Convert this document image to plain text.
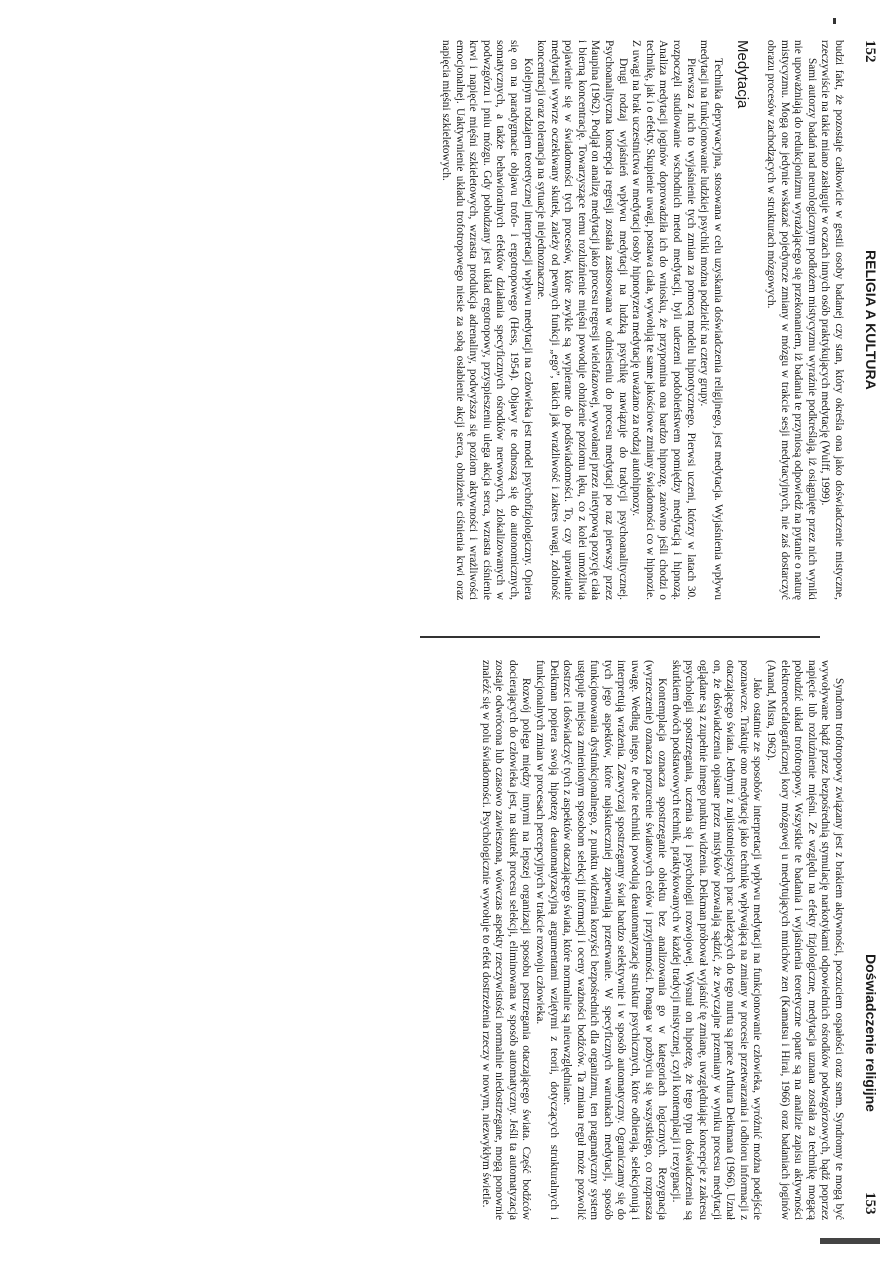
152
RELIGIA A KULTURA

budzi fakt, że pozostaje całkowicie w gestii osoby badanej czy stan, który określa ona jako doświadczenie mistyczne, rzeczywiście na takie miano zasługuje w oczach innych osób praktykujących medytację (Wulff, 1999).

Sami autorzy badań nad neurologicznym podłożem mistycyzmu wyraźnie podkreślają, iż osiągnięte przez nich wyniki nie upoważniają do redukcjonizmu wyrażającego się przekonaniem, iż badania te przyniosą odpowiedź na pytanie o naturę mistycyzmu. Mogą one jedynie wskazać pojedyncze zmiany w mózgu w trakcie sesji medytacyjnych, nie zaś dostarczyć obrazu procesów zachodzących w strukturach mózgowych.

Medytacja

Technika deprywacyjna, stosowana w celu uzyskania doświadczenia religijnego, jest medytacja. Wyjaśnienia wpływu medytacji na funkcjonowanie ludzkiej psychiki można podzielić na cztery grupy.

Pierwsza z nich to wyjaśnienie tych zmian za pomocą modelu hipnotycznego. Pierwsi uczeni, którzy w latach 30. rozpoczęli studiowanie wschodnich metod medytacji, byli uderzeni podobieństwem pomiędzy medytacją i hipnozą. Analiza medytacji joginów doprowadziła ich do wniosku, że przypomina ona bardzo hipnozę, zarówno jeśli chodzi o technikę, jak i o efekty. Skupienie uwagi, postawa ciała, wywołują te same jakościowe zmiany świadomości co w hipnozie. Z uwagi na brak uczestnictwa w medytacji osoby hipnotyzera medytację uważano za rodzaj autohipnozy.

Drugi rodzaj wyjaśnień wpływu medytacji na ludzką psychikę nawiązuje do tradycji psychoanalitycznej. Psychoanalityczna koncepcja regresji została zastosowana w odniesieniu do procesu medytacji po raz pierwszy przez Maupina (1962). Podjął on analizę medytacji jako procesu regresji wielofazowej, wywołanej przez nietypową pozycję ciała i bierną koncentrację. Towarzyszące temu rozluźnienie mięśni powoduje obniżenie poziomu lęku, co z kolei umożliwia pojawienie się w świadomości tych procesów, które zwykle są wypierane do podświadomości. To, czy uprawianie medytacji wywrze oczekiwany skutek, zależy od pewnych funkcji „ego”, takich jak wrażliwość i zakres uwagi, zdolność koncentracji oraz tolerancja na sytuacje niejednoznaczne.

Kolejnym rodzajem teoretycznej interpretacji wpływu medytacji na człowieka jest model psychofizjologiczny. Opiera się on na paradygmacie objawu trofo- i ergotropowego (Hess, 1954). Objawy te odnoszą się do autonomicznych, somatycznych, a także behawioralnych efektów działania specyficznych ośrodków nerwowych, zlokalizowanych w podwzgórzu i pniu mózgu. Gdy pobudzany jest układ ergotropowy, przyspieszeniu ulega akcja serca, wzrasta ciśnienie krwi i napięcie mięśni szkieletowych, wzrasta produkcja adrenaliny, podwyższa się poziom aktywności i wrażliwości emocjonalnej. Uaktywnienie układu trofotropowego niesie za sobą osłabienie akcji serca, obniżenie ciśnienia krwi oraz napięcia mięśni szkieletowych.

Doświadczenie religijne
153

Syndrom trofotropowy związany jest z brakiem aktywności, poczuciem ospałości oraz snem. Syndromy te mogą być wywoływane bądź przez bezpośrednią stymulację narkotykami odpowiednich ośrodków podwzgórzowych, bądź poprzez napięcie lub rozluźnienie mięśni. Ze względu na efekty fizjologiczne, medytacja uznana została za technikę mogącą pobudzić układ trofotropowy. Wszystkie te badania i wyjaśnienia teoretyczne oparte są na analizie zapisu aktywności elektroencefalograficznej kory mózgowej u medytujących mnichów zen (Kamatsu i Hirai, 1966) oraz badaniach joginów (Anand, Misra, 1962).

Jako ostatnie ze sposobów interpretacji wpływu medytacji na funkcjonowanie człowieka, wyróżnić można podejście poznawcze. Traktuje ono medytację jako technikę wpływającą na zmiany w procesie przetwarzania i odbioru informacji z otaczającego świata. Jednymi z najistotniejszych prac należących do tego nurtu są prace Arthura Deikmana (1966). Uznał on, że doświadczenia opisane przez mistyków pozwalają sądzić, że zwyczajne przemiany w wyniku procesu medytacji oglądane są z zupełnie innego punktu widzenia. Deikman próbował wyjaśnić tę zmianę, uwzględniając koncepcje z zakresu psychologii spostrzegania, uczenia się i psychologii rozwojowej. Wysnuł on hipotezę, że tego typu doświadczenia są skutkiem dwóch podstawowych technik, praktykowanych w każdej tradycji mistycznej, czyli kontemplacji i rezygnacji.

Kontemplacja oznacza spostrzeganie obiektu bez analizowania go w kategoriach logicznych. Rezygnacja (wyrzeczenie) oznacza porzucenie światowych celów i przyjemności. Ponaga w pozbyciu się wszystkiego, co rozprasza uwagę. Według niego, te dwie techniki powodują deautomatyzację struktur psychicznych, które odbierają, selekcjonują i interpretują wrażenia. Zazwyczaj spostrzegamy świat bardzo selektywnie i w sposób automatyczny. Ograniczamy się do tych jego aspektów, które najskuteczniej zapewniają przetrwanie. W specyficznych warunkach medytacji, sposób funkcjonowania dysfunkcjonalnego, z punktu widzenia korzyści bezpośrednich dla organizmu, ten pragmatyczny system ustępuje miejsca zmienionym sposobom selekcji informacji i oceny ważności bodźców. Ta zmiana reguł może pozwolić dostrzec i doświadczyć tych z aspektów otaczającego świata, które normalnie są nieuwzględniane.

Deikman popiera swoją hipotezę deautomatyzacyjną argumentami wziętymi z teorii, dotyczących strukturalnych i funkcjonalnych zmian w procesach percepcyjnych w trakcie rozwoju człowieka.

Rozwój polega między innymi na lepszej organizacji sposobu postrzegania otaczającego świata. Część bodźców docierających do człowieka jest, na skutek procesu selekcji, eliminowana w sposób automatyczny. Jeśli ta automatyzacja zostaje odwrócona lub czasowo zawieszona, wówczas aspekty rzeczywistości normalnie niedostrzegane, mogą ponownie znaleźć się w polu świadomości. Psychologicznie wywołuje to efekt dostrzeżenia rzeczy w nowym, niezwykłym świetle.
